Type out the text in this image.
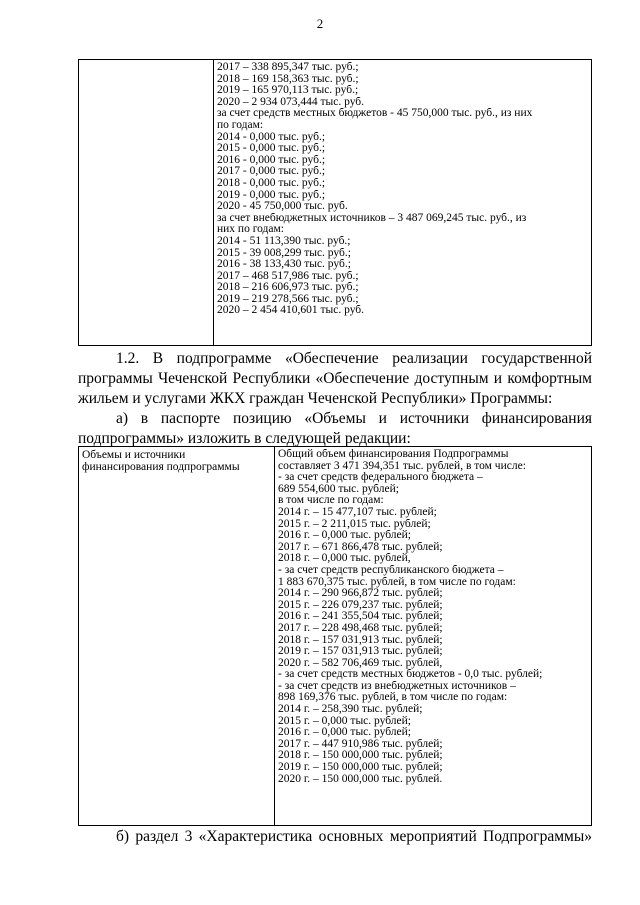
2

2017 – 338 895,347 тыс. руб.;
2018 – 169 158,363 тыс. руб.;
2019 – 165 970,113 тыс. руб.;
2020 – 2 934 073,444 тыс. руб.
за счет средств местных бюджетов - 45 750,000 тыс. руб., из них
по годам:
2014 - 0,000 тыс. руб.;
2015 - 0,000 тыс. руб.;
2016 - 0,000 тыс. руб.;
2017 - 0,000 тыс. руб.;
2018 - 0,000 тыс. руб.;
2019 - 0,000 тыс. руб.;
2020 - 45 750,000 тыс. руб.
за счет внебюджетных источников – 3 487 069,245 тыс. руб., из
них по годам:
2014 - 51 113,390 тыс. руб.;
2015 - 39 008,299 тыс. руб.;
2016 - 38 133,430 тыс. руб.;
2017 – 468 517,986 тыс. руб.;
2018 – 216 606,973 тыс. руб.;
2019 – 219 278,566 тыс. руб.;
2020 – 2 454 410,601 тыс. руб.
1.2. В подпрограмме «Обеспечение реализации государственной программы Чеченской Республики «Обеспечение доступным и комфортным жильем и услугами ЖКХ граждан Чеченской Республики» Программы:
а) в паспорте позицию «Объемы и источники финансирования подпрограммы» изложить в следующей редакции:
Объемы и источники
финансирования подпрограммы

Общий объем финансирования Подпрограммы
составляет 3 471 394,351 тыс. рублей, в том числе:
- за счет средств федерального бюджета –
689 554,600 тыс. рублей;
в том числе по годам:
2014 г. – 15 477,107 тыс. рублей;
2015 г. – 2 211,015 тыс. рублей;
2016 г. – 0,000 тыс. рублей;
2017 г. – 671 866,478 тыс. рублей;
2018 г. – 0,000 тыс. рублей,
- за счет средств республиканского бюджета –
1 883 670,375 тыс. рублей, в том числе по годам:
2014 г. – 290 966,872 тыс. рублей;
2015 г. – 226 079,237 тыс. рублей;
2016 г. – 241 355,504 тыс. рублей;
2017 г. – 228 498,468 тыс. рублей;
2018 г. – 157 031,913 тыс. рублей;
2019 г. – 157 031,913 тыс. рублей;
2020 г. – 582 706,469 тыс. рублей,
- за счет средств местных бюджетов - 0,0 тыс. рублей;
- за счет средств из внебюджетных источников –
898 169,376 тыс. рублей, в том числе по годам:
2014 г. – 258,390 тыс. рублей;
2015 г. – 0,000 тыс. рублей;
2016 г. – 0,000 тыс. рублей;
2017 г. – 447 910,986 тыс. рублей;
2018 г. – 150 000,000 тыс. рублей;
2019 г. – 150 000,000 тыс. рублей;
2020 г. – 150 000,000 тыс. рублей.
б) раздел 3 «Характеристика основных мероприятий Подпрограммы»
